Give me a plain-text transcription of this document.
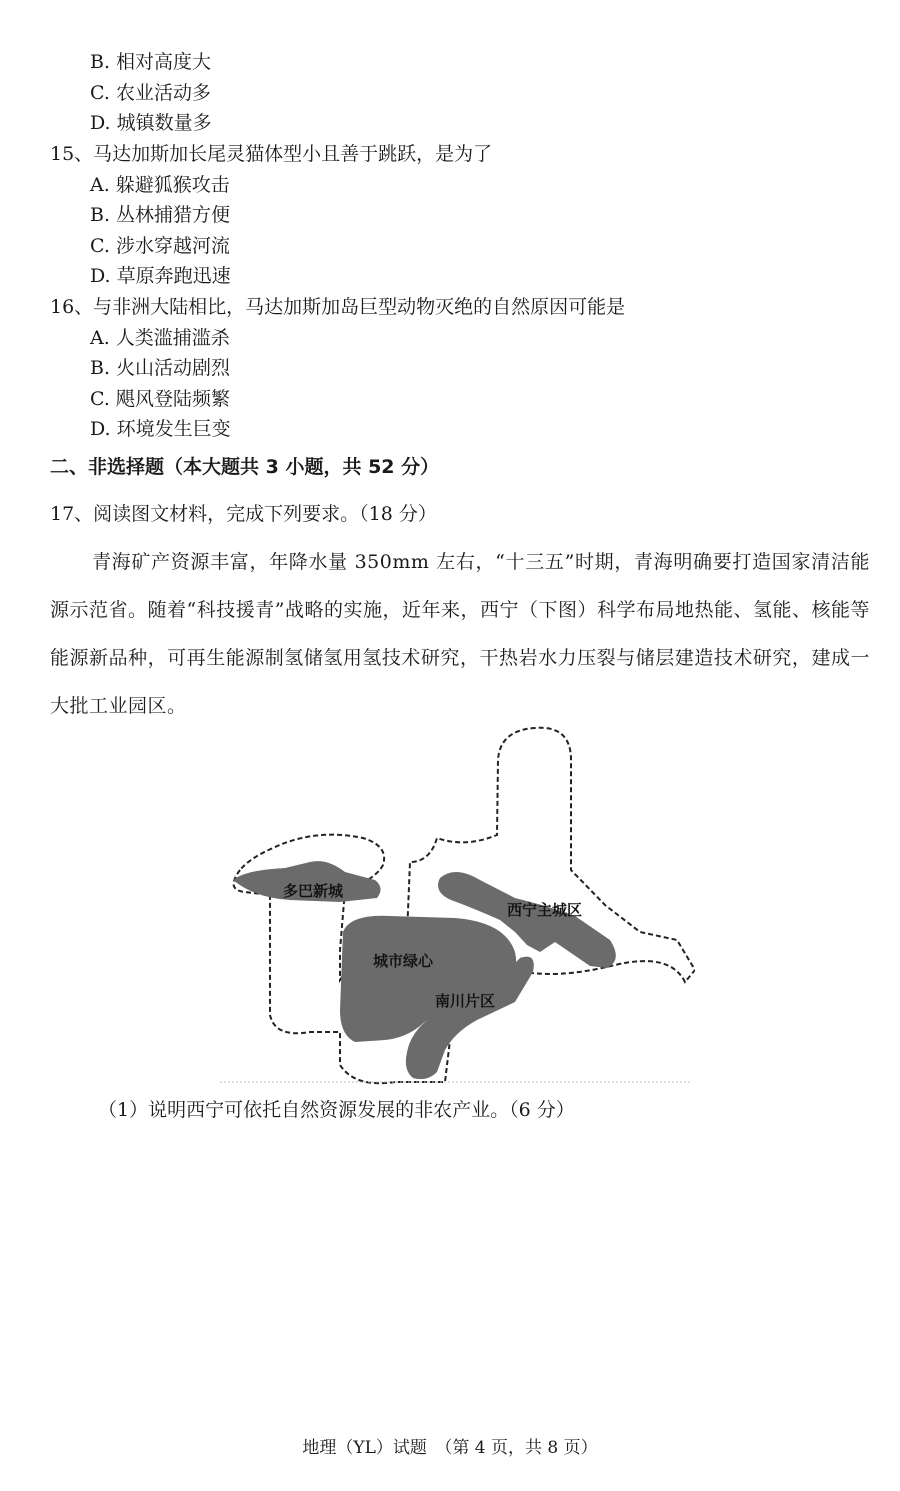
B. 相对高度大
C. 农业活动多
D. 城镇数量多
15、马达加斯加长尾灵猫体型小且善于跳跃，是为了
A. 躲避狐猴攻击
B. 丛林捕猎方便
C. 涉水穿越河流
D. 草原奔跑迅速
16、与非洲大陆相比，马达加斯加岛巨型动物灭绝的自然原因可能是
A. 人类滥捕滥杀
B. 火山活动剧烈
C. 飓风登陆频繁
D. 环境发生巨变
二、非选择题（本大题共 3 小题，共 52 分）
17、阅读图文材料，完成下列要求。（18 分）
青海矿产资源丰富，年降水量 350mm 左右，“十三五”时期，青海明确要打造国家清洁能源示范省。随着“科技援青”战略的实施，近年来，西宁（下图）科学布局地热能、氢能、核能等能源新品种，可再生能源制氢储氢用氢技术研究，干热岩水力压裂与储层建造技术研究，建成一大批工业园区。
多巴新城
西宁主城区
城市绿心
南川片区
（1）说明西宁可依托自然资源发展的非农产业。（6 分）
地理（YL）试题　（第 4 页，共 8 页）
